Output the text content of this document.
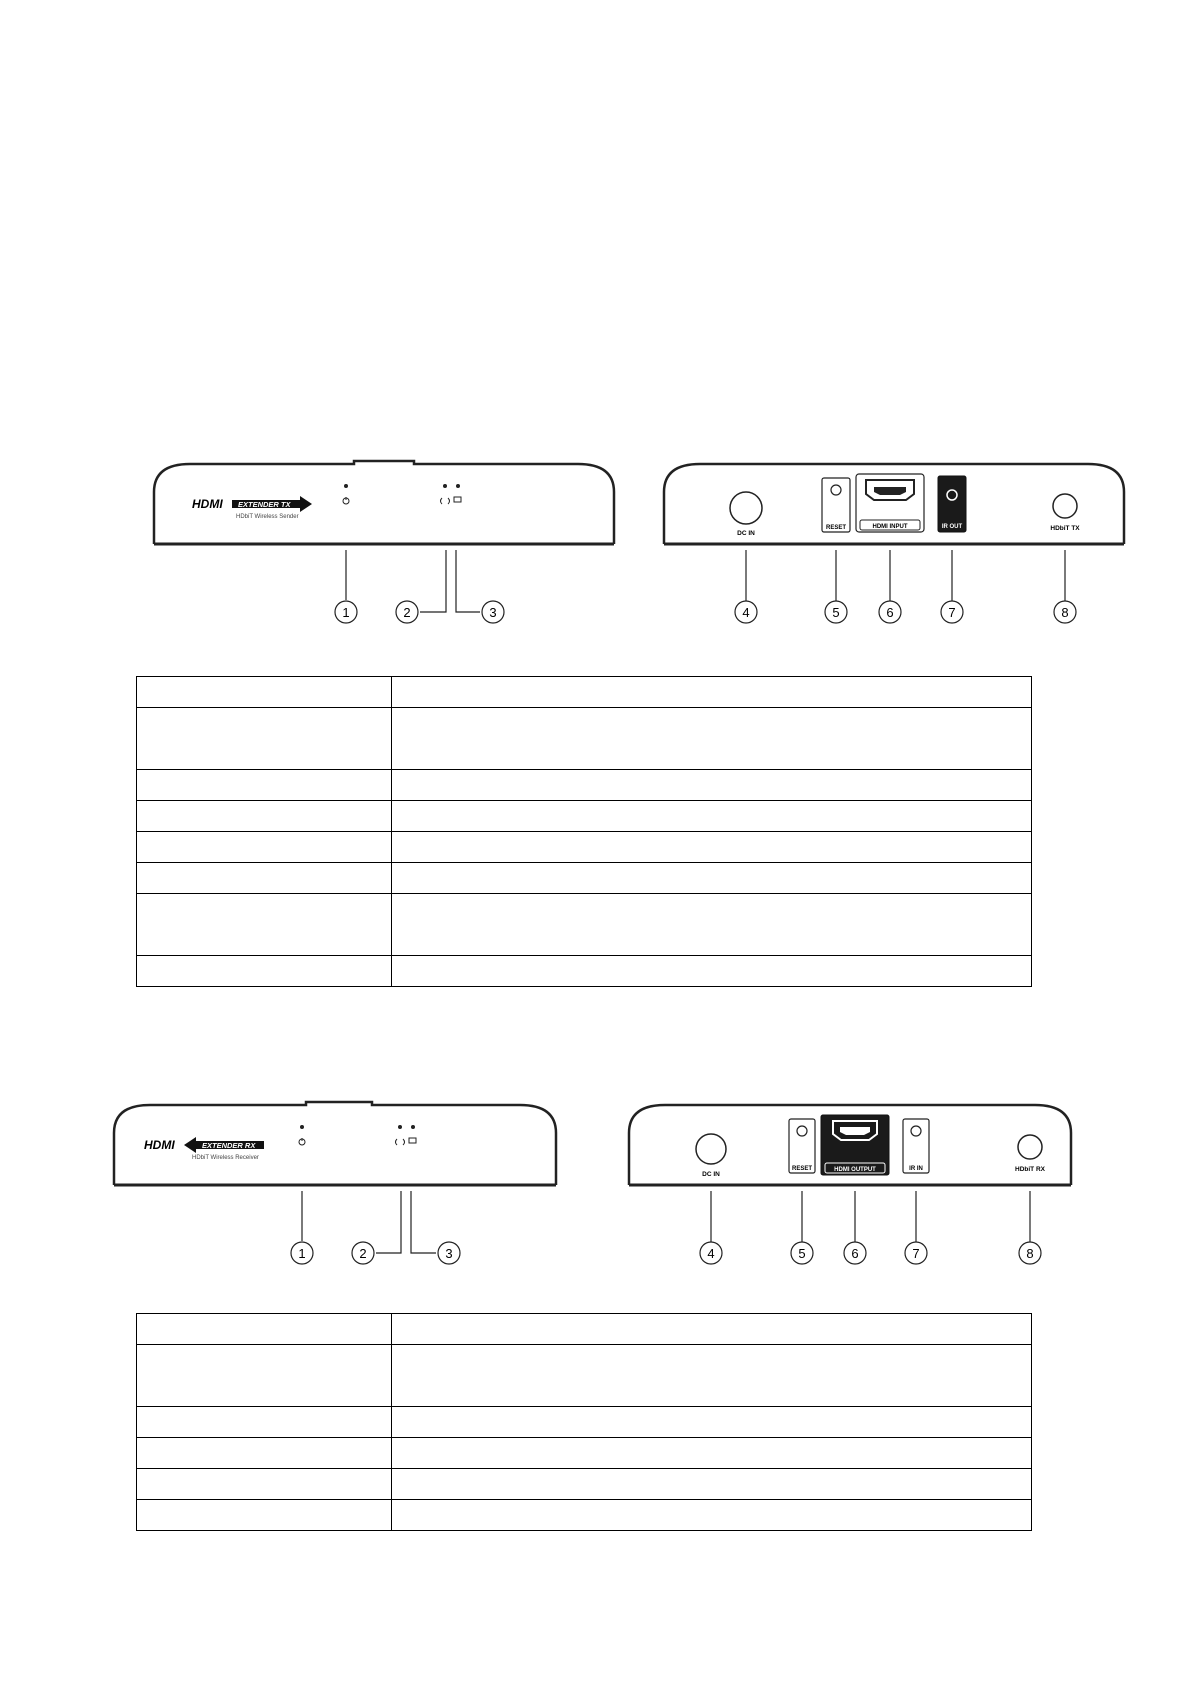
HDMI EXTENDER TX
HDbiT Wireless Sender
1	2	3
DC IN
RESET	HDMI INPUT	IR OUT	HDbiT TX
4	5	6	7	8

HDMI	EXTENDER RX
HDbiT Wireless Receiver
1	2	3
DC IN
RESET	HDMI OUTPUT	IR IN	HDbiT RX
4	5	6	7	8
